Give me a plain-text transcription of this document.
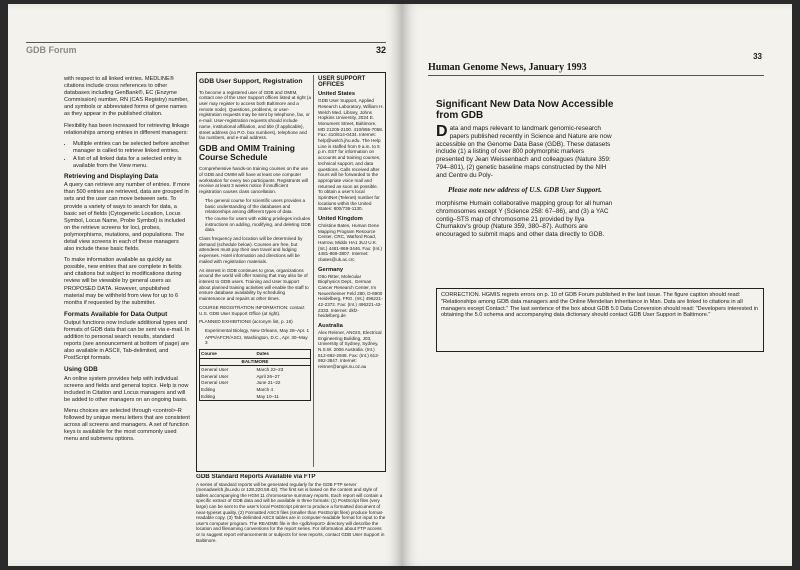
GDB Forum	32

with respect to all linked entries. MEDLINE® citations include cross references to other databases including GenBank®, EC (Enzyme Commission) number, RN (CAS Registry) number, and symbols or abbreviated forms of gene names as they appear in the published citation.

Flexibility has been increased for retrieving linkage relationships among entries in different managers:

• Multiple entries can be selected before another manager is called to retrieve linked entries.
• A list of all linked data for a selected entry is available from the View menu.
Retrieving and Displaying Data

A query can retrieve any number of entries. If more than 500 entries are retrieved, data are grouped in sets and the user can move between sets. To provide a variety of ways to search for data, a basic set of fields (Cytogenetic Location, Locus Symbol, Locus Name, Probe Symbol) is included on the retrieve screens for loci, probes, polymorphisms, mutations, and populations. The detail view screens in each of these managers also include these basic fields.

To make information available as quickly as possible, new entries that are complete in fields and citations but subject to modifications during review will be viewable by general users as PROPOSED DATA. However, unpublished material may be withheld from view for up to 6 months if requested by the submitter.

Formats Available for Data Output

Output functions now include additional types and formats of GDB data that can be sent via e-mail. In addition to personal search results, standard reports (see announcement at bottom of page) are also available in ASCII, Tab-delimited, and PostScript formats.

Using GDB

An online system provides help with individual screens and fields and general topics. Help is now included in Citation and Locus managers and will be added to other managers on an ongoing basis.

Menu choices are selected through <control>-R followed by unique menu letters that are consistent across all screens and managers. A set of function keys is available for the most commonly used menu and submenu options.

GDB User Support, Registration

To become a registered user of GDB and OMIM, contact one of the User Support offices listed at right (a user may register to access both Baltimore and a remote node). Questions, problems, or user-registration requests may be sent by telephone, fax, or e-mail. User-registration requests should include name, institutional affiliation, and title (if applicable), street address (no P.O. box numbers), telephone and fax numbers, and e-mail address.

GDB and OMIM Training Course Schedule

Comprehensive hands-on training courses on the use of GDB and OMIM will have at least one computer workstation for every two participants. Registrants will receive at least 3 weeks notice if insufficient registration causes class cancellation.

• The general course for scientific users provides a basic understanding of the databases and relationships among different types of data.
• The course for users with editing privileges includes instructions on adding, modifying, and deleting GDB data.

Class frequency and location will be determined by demand (schedule below). Courses are free, but attendees must pay their own travel and lodging expenses. Hotel information and directions will be mailed with registration materials.

As interest in GDB continues to grow, organizations around the world will offer training that may also be of interest to GDB users. Training and User Support about planned training activities will enable the staff to ensure database availability by scheduling maintenance and repairs at other times.

COURSE REGISTRATION INFORMATION: contact U.S. GDB User Support Office (at right).

PLANNED EXHIBITIONS (acronym list, p. 16)

• Experimental Biology, New Orleans, May 28–Apr. 1
• APPI/AFCR/ASCI, Washington, D.C., Apr. 30–May 3
Course	Dates
BALTIMORE	
General User	March 22–23
General User	April 26–27
General User	June 21–22
Editing	March 4
Editing	May 10–11
USER SUPPORT OFFICES
United States

GDB User Support, Applied Research Laboratory, William H. Welch Med. Library, Johns Hopkins University, 2024 E. Monument Street, Baltimore, MD 21205-2100. 410/955-7058. Fax: 410/614-0434. Internet: help@welch.jhu.edu. The Help Line is staffed from 9 a.m. to 5 p.m. EST for information on accounts and training courses, technical support, and data questions. Calls received after hours will be forwarded to the appropriate voice mail and returned as soon as possible. To obtain a user's local SprintNet (Telenet) number for locations within the United States: 800/736-1130.

United Kingdom

Christine Bates, Human Gene Mapping Program Resource Center, CRC, Watford Road, Harrow, Middx HA1 3UJ U.K. (Int.) 4481-869-3446. Fax: (Int.) 4481-869-3807. Internet: cbates@uk.ac.crc

Germany

Otto Ritter, Molecular Biophysics Dept., German Cancer Research Center, Im Neuenheimer Feld 280, D-6900 Heidelberg, FRG. (Int.) 496221-42-2372. Fax: (Int.) 496221-42-2333. Internet: dkfz-heidelberg.de

Australia

Alex Reisner, ANGIS, Electrical Engineering Building, J03, University of Sydney, Sydney, N.S.W. 2006 Australia. (Int.) 612-692-2948. Fax: (Int.) 612-692-3847. Internet: reisner@angis.su.oz.au

GDB Standard Reports Available via FTP

A series of standard reports will be generated regularly for the GDB FTP server (menadwelch.jhu.edu or 128.220.59.42). The first set is based on the content and style of tables accompanying the HGM 11 chromosome summary reports. Each report will contain a specific extract of GDB data and will be available in three formats: (1) PostScript files (very large) can be sent to the user's local PostScript printer to produce a formatted document of near-typeset quality. (2) Formatted ASCII files (smaller than PostScript files) produce format-readable copy. (3) Tab-delimited ASCII tables are in computer-readable format for input to the user's computer program. The README file in the <gdb/report> directory will describe the location and filenaming conventions for the report series. For information about FTP access or to suggest report enhancements or subjects for new reports, contact GDB User Support in Baltimore.

33
Human Genome News, January 1993
Significant New Data Now Accessible from GDB

Data and maps relevant to landmark genomic-research papers published recently in Science and Nature are now accessible on the Genome Data Base (GDB). These datasets include (1) a listing of over 800 polymorphic markers presented by Jean Weissenbach and colleagues (Nature 359: 794–801), (2) genetic baseline maps constructed by the NIH and Centre du Poly-

Please note new address of U.S. GDB User Support.

morphisme Humain collaborative mapping group for all human chromosomes except Y (Science 258: 67–86), and (3) a YAC contig–STS map of chromosome 21 provided by Ilya Chumakov's group (Nature 359, 380–87). Authors are encouraged to submit maps and other data directly to GDB.

CORRECTION. HGMIS regrets errors on p. 10 of GDB Forum published in the last issue. The figure caption should read: "Relationships among GDB data managers and the Online Mendelian Inheritance in Man. Data are linked to citations in all managers except Contact." The last sentence of the box about GDB 5.0 Data Conversion should read: "Developers interested in obtaining the 5.0 schema and accompanying data dictionary should contact GDB User Support in Baltimore."
